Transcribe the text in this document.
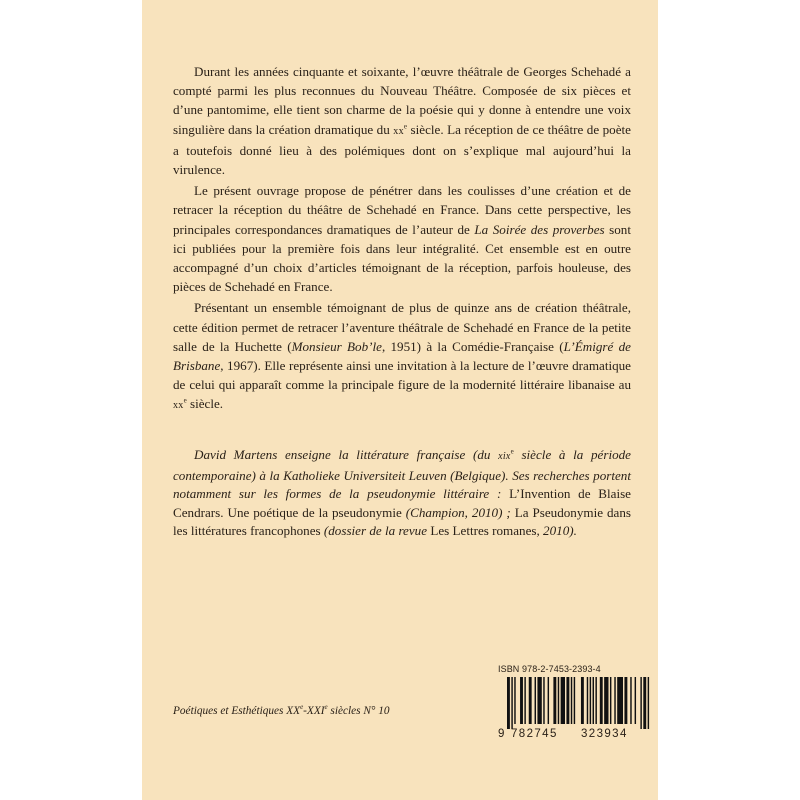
Durant les années cinquante et soixante, l’œuvre théâtrale de Georges Schehadé a compté parmi les plus reconnues du Nouveau Théâtre. Composée de six pièces et d’une pantomime, elle tient son charme de la poésie qui y donne à entendre une voix singulière dans la création dramatique du $xx^e$ siècle. La réception de ce théâtre de poète a toutefois donné lieu à des polémiques dont on s’explique mal aujourd’hui la virulence.

Le présent ouvrage propose de pénétrer dans les coulisses d’une création et de retracer la réception du théâtre de Schehadé en France. Dans cette perspective, les principales correspondances dramatiques de l’auteur de La Soirée des proverbes sont ici publiées pour la première fois dans leur intégralité. Cet ensemble est en outre accompagné d’un choix d’articles témoignant de la réception, parfois houleuse, des pièces de Schehadé en France.

Présentant un ensemble témoignant de plus de quinze ans de création théâtrale, cette édition permet de retracer l’aventure théâtrale de Schehadé en France de la petite salle de la Huchette (Monsieur Bob’le, 1951) à la Comédie-Française (L’Émigré de Brisbane, 1967). Elle représente ainsi une invitation à la lecture de l’œuvre dramatique de celui qui apparaît comme la principale figure de la modernité littéraire libanaise au $xx^e$ siècle.

David Martens enseigne la littérature française (du xix$^e$ siècle à la période contemporaine) à la Katholieke Universiteit Leuven (Belgique). Ses recherches portent notamment sur les formes de la pseudonymie littéraire : L’Invention de Blaise Cendrars. Une poétique de la pseudonymie (Champion, 2010) ; La Pseudonymie dans les littératures francophones (dossier de la revue Les Lettres romanes, 2010).
Poétiques et Esthétiques XXe-XXIe siècles N° 10
ISBN 978-2-7453-2393-4
9 782745 323934
